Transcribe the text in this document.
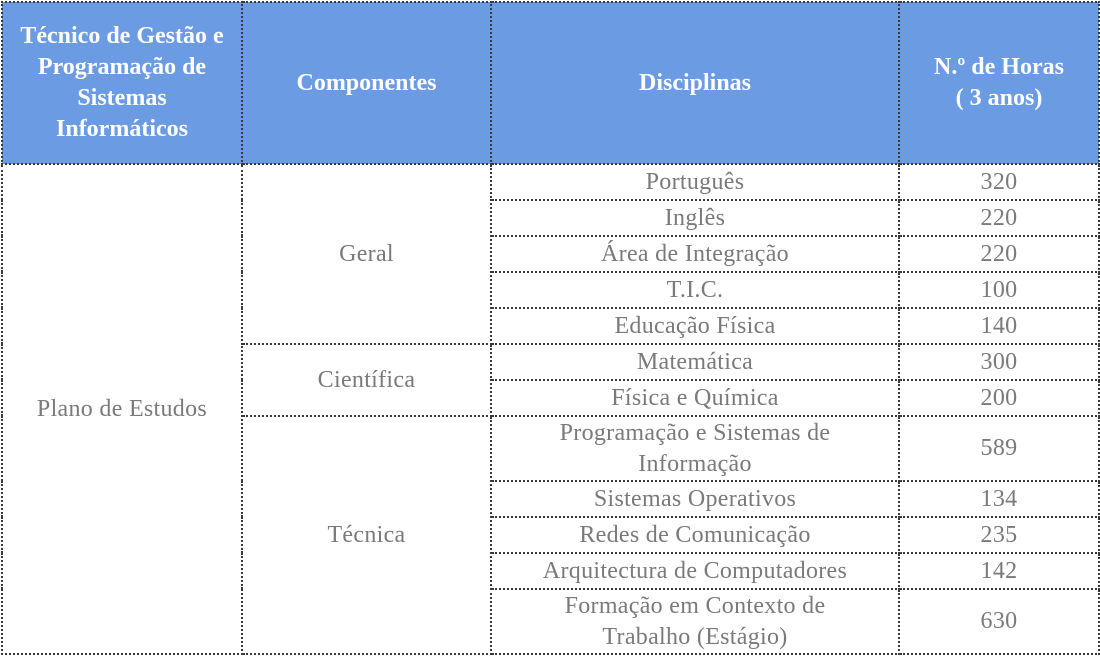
Técnico de Gestão e Programação de Sistemas Informáticos	Componentes	Disciplinas	N.º de Horas ( 3 anos)
Plano de Estudos	Geral	Português	320
		Inglês	220
		Área de Integração	220
		T.I.C.	100
		Educação Física	140
	Científica	Matemática	300
		Física e Química	200
	Técnica	Programação e Sistemas de Informação	589
		Sistemas Operativos	134
		Redes de Comunicação	235
		Arquitectura de Computadores	142
		Formação em Contexto de Trabalho (Estágio)	630
